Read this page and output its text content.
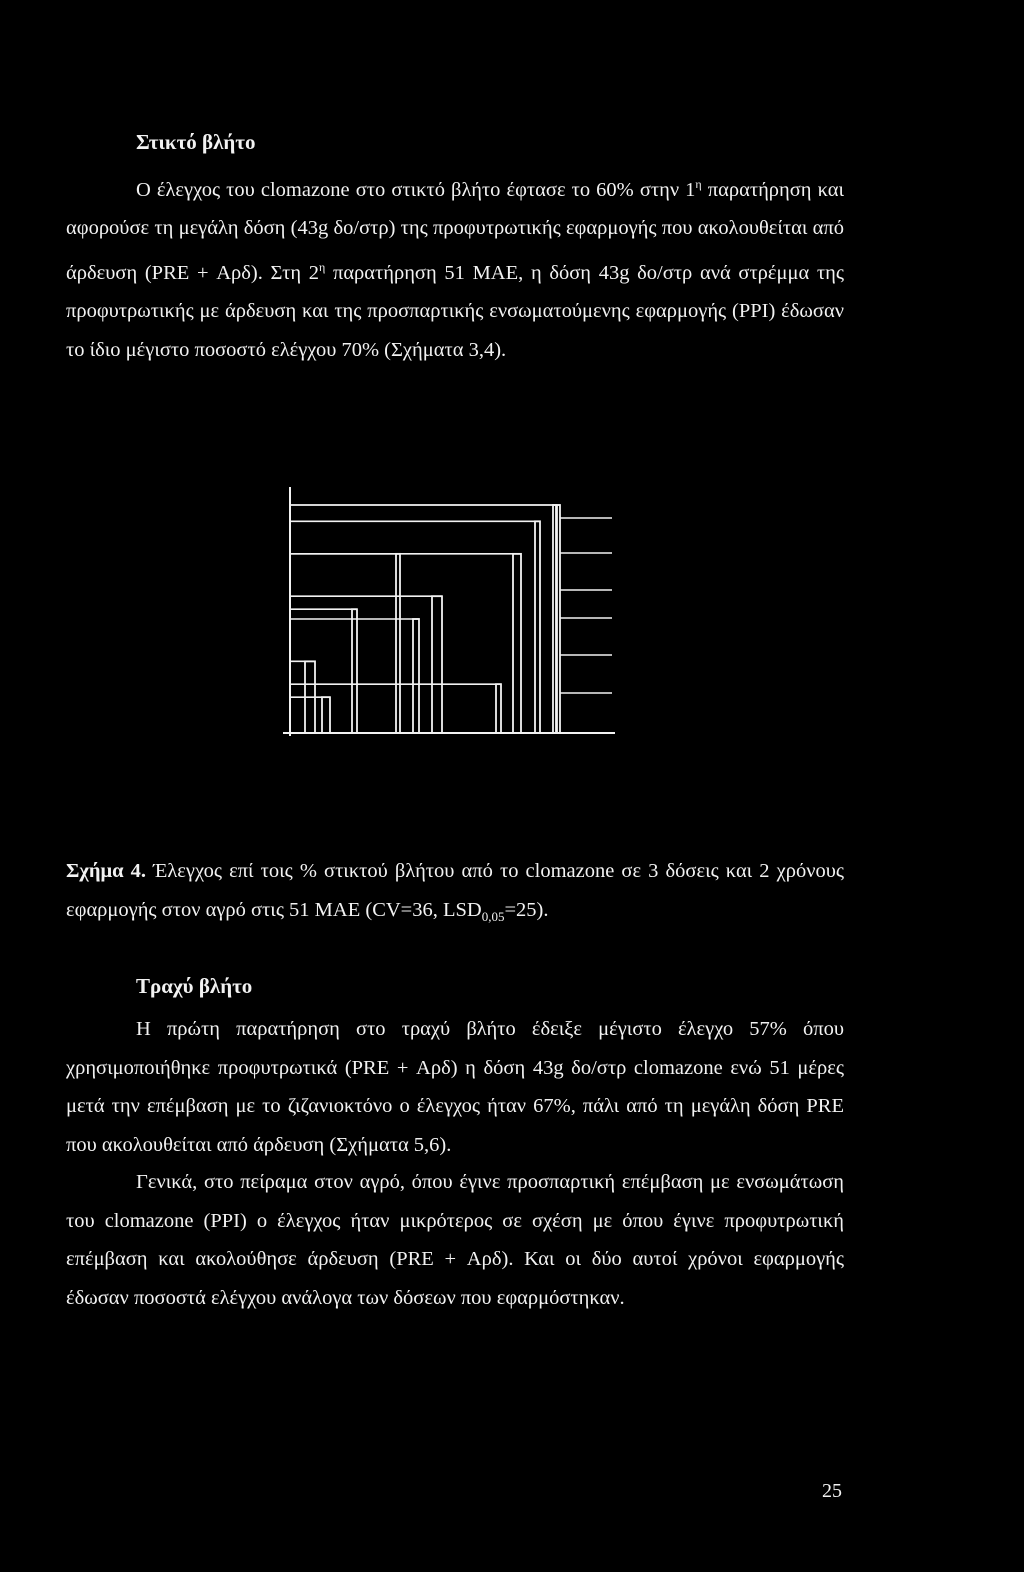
Στικτό βλήτο

Ο έλεγχος του clomazone στο στικτό βλήτο έφτασε το 60% στην $1^\eta$ παρατήρηση και αφορούσε τη μεγάλη δόση (43g δο/στρ) της προφυτρωτικής εφαρμογής που ακολουθείται από άρδευση (PRE + Αρδ). Στη $2^\eta$ παρατήρηση 51 ΜΑΕ, η δόση 43g δο/στρ ανά στρέμμα της προφυτρωτικής με άρδευση και της προσπαρτικής ενσωματούμενης εφαρμογής (PPI) έδωσαν το ίδιο μέγιστο ποσοστό ελέγχου 70% (Σχήματα 3,4).

Σχήμα 4. Έλεγχος επί τοις % στικτού βλήτου από το clomazone σε 3 δόσεις και 2 χρόνους εφαρμογής στον αγρό στις 51 ΜΑΕ (CV=36, $LSD_{0,05}=25$).

Τραχύ βλήτο

Η πρώτη παρατήρηση στο τραχύ βλήτο έδειξε μέγιστο έλεγχο 57% όπου χρησιμοποιήθηκε προφυτρωτικά (PRE + Αρδ) η δόση 43g δο/στρ clomazone ενώ 51 μέρες μετά την επέμβαση με το ζιζανιοκτόνο ο έλεγχος ήταν 67%, πάλι από τη μεγάλη δόση PRE που ακολουθείται από άρδευση (Σχήματα 5,6).

Γενικά, στο πείραμα στον αγρό, όπου έγινε προσπαρτική επέμβαση με ενσωμάτωση του clomazone (PPI) ο έλεγχος ήταν μικρότερος σε σχέση με όπου έγινε προφυτρωτική επέμβαση και ακολούθησε άρδευση (PRE + Αρδ). Και οι δύο αυτοί χρόνοι εφαρμογής έδωσαν ποσοστά ελέγχου ανάλογα των δόσεων που εφαρμόστηκαν.

25
